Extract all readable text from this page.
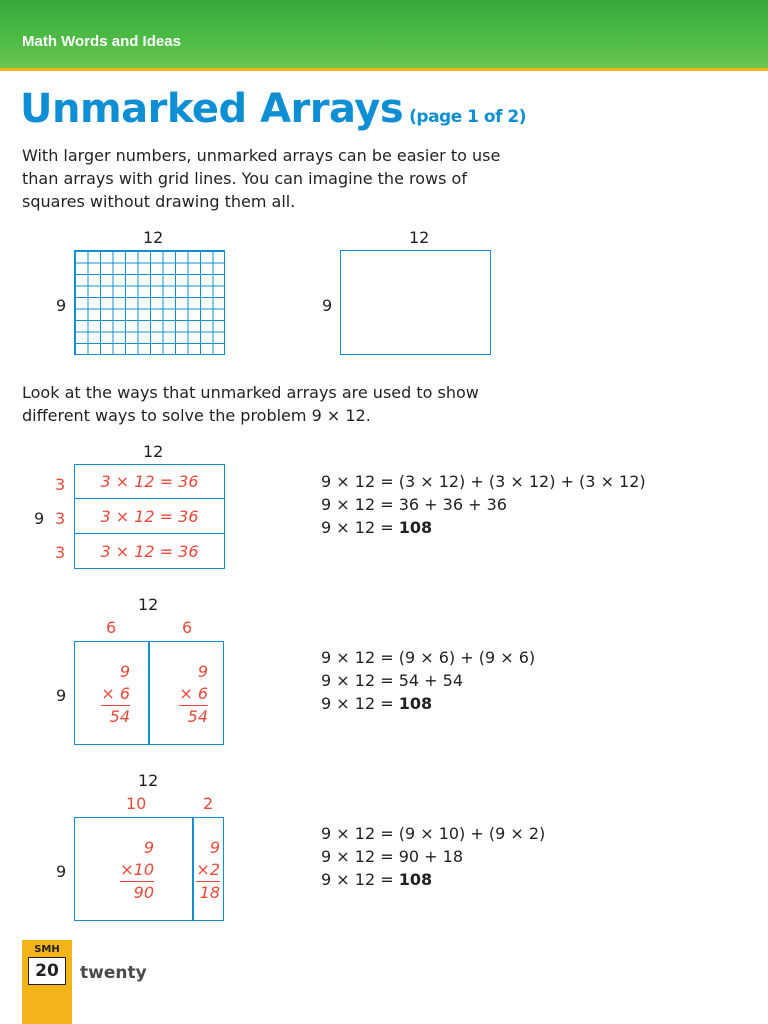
Math Words and Ideas
Unmarked Arrays (page 1 of 2)
With larger numbers, unmarked arrays can be easier to use
than arrays with grid lines. You can imagine the rows of
squares without drawing them all.
12
9
12
9
Look at the ways that unmarked arrays are used to show
different ways to solve the problem 9 × 12.
12
9
3
3
3
3 × 12 = 36
3 × 12 = 36
3 × 12 = 36
9 × 12 = (3 × 12) + (3 × 12) + (3 × 12)
9 × 12 = 36 + 36 + 36
9 × 12 = 108
12
6	6
9
9
× 6
54
9
× 6
54
9 × 12 = (9 × 6) + (9 × 6)
9 × 12 = 54 + 54
9 × 12 = 108
12
10	2
9
9
×10
90
9
×2
18
9 × 12 = (9 × 10) + (9 × 2)
9 × 12 = 90 + 18
9 × 12 = 108
SMH
20	twenty
